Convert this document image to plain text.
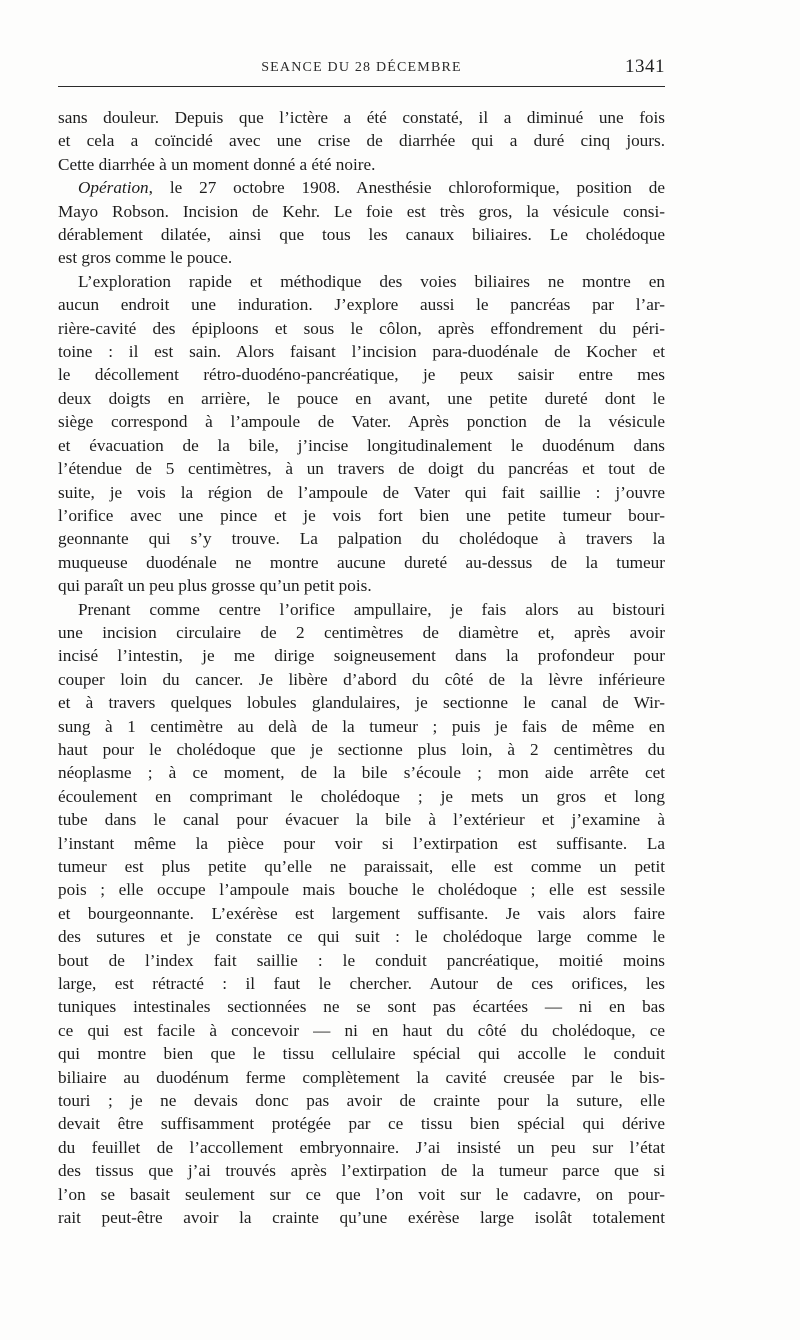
SEANCE DU 28 DÉCEMBRE	1341

sans douleur. Depuis que l’ictère a été constaté, il a diminué une fois

et cela a coïncidé avec une crise de diarrhée qui a duré cinq jours.

Cette diarrhée à un moment donné a été noire.

Opération, le 27 octobre 1908. Anesthésie chloroformique, position de

Mayo Robson. Incision de Kehr. Le foie est très gros, la vésicule consi-

dérablement dilatée, ainsi que tous les canaux biliaires. Le cholédoque

est gros comme le pouce.

L’exploration rapide et méthodique des voies biliaires ne montre en

aucun endroit une induration. J’explore aussi le pancréas par l’ar-

rière-cavité des épiploons et sous le côlon, après effondrement du péri-

toine : il est sain. Alors faisant l’incision para-duodénale de Kocher et

le décollement rétro-duodéno-pancréatique, je peux saisir entre mes

deux doigts en arrière, le pouce en avant, une petite dureté dont le

siège correspond à l’ampoule de Vater. Après ponction de la vésicule

et évacuation de la bile, j’incise longitudinalement le duodénum dans

l’étendue de 5 centimètres, à un travers de doigt du pancréas et tout de

suite, je vois la région de l’ampoule de Vater qui fait saillie : j’ouvre

l’orifice avec une pince et je vois fort bien une petite tumeur bour-

geonnante qui s’y trouve. La palpation du cholédoque à travers la

muqueuse duodénale ne montre aucune dureté au-dessus de la tumeur

qui paraît un peu plus grosse qu’un petit pois.

Prenant comme centre l’orifice ampullaire, je fais alors au bistouri

une incision circulaire de 2 centimètres de diamètre et, après avoir

incisé l’intestin, je me dirige soigneusement dans la profondeur pour

couper loin du cancer. Je libère d’abord du côté de la lèvre inférieure

et à travers quelques lobules glandulaires, je sectionne le canal de Wir-

sung à 1 centimètre au delà de la tumeur ; puis je fais de même en

haut pour le cholédoque que je sectionne plus loin, à 2 centimètres du

néoplasme ; à ce moment, de la bile s’écoule ; mon aide arrête cet

écoulement en comprimant le cholédoque ; je mets un gros et long

tube dans le canal pour évacuer la bile à l’extérieur et j’examine à

l’instant même la pièce pour voir si l’extirpation est suffisante. La

tumeur est plus petite qu’elle ne paraissait, elle est comme un petit

pois ; elle occupe l’ampoule mais bouche le cholédoque ; elle est sessile

et bourgeonnante. L’exérèse est largement suffisante. Je vais alors faire

des sutures et je constate ce qui suit : le cholédoque large comme le

bout de l’index fait saillie : le conduit pancréatique, moitié moins

large, est rétracté : il faut le chercher. Autour de ces orifices, les

tuniques intestinales sectionnées ne se sont pas écartées — ni en bas

ce qui est facile à concevoir — ni en haut du côté du cholédoque, ce

qui montre bien que le tissu cellulaire spécial qui accolle le conduit

biliaire au duodénum ferme complètement la cavité creusée par le bis-

touri ; je ne devais donc pas avoir de crainte pour la suture, elle

devait être suffisamment protégée par ce tissu bien spécial qui dérive

du feuillet de l’accollement embryonnaire. J’ai insisté un peu sur l’état

des tissus que j’ai trouvés après l’extirpation de la tumeur parce que si

l’on se basait seulement sur ce que l’on voit sur le cadavre, on pour-

rait peut-être avoir la crainte qu’une exérèse large isolât totalement
